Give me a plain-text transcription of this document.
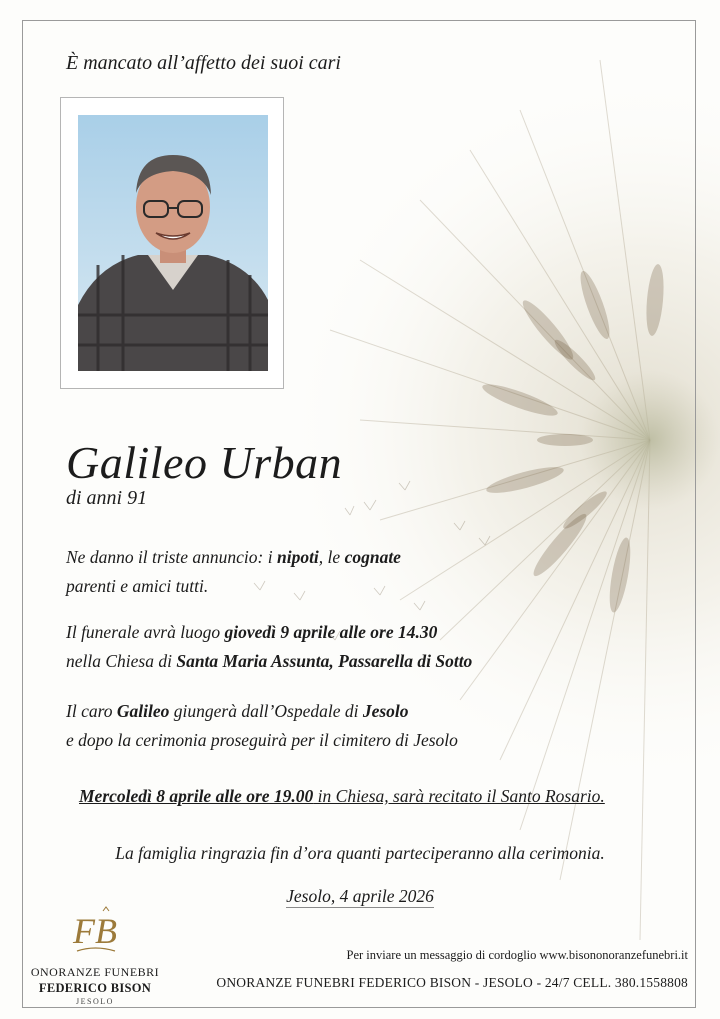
È mancato all’affetto dei suoi cari
Galileo Urban
di anni 91
Ne danno il triste annuncio: i nipoti, le cognate
parenti e amici tutti.
Il funerale avrà luogo giovedì 9 aprile alle ore 14.30
nella Chiesa di Santa Maria Assunta, Passarella di Sotto
Il caro Galileo giungerà dall’Ospedale di Jesolo
e dopo la cerimonia proseguirà per il cimitero di Jesolo
Mercoledì 8 aprile alle ore 19.00 in Chiesa, sarà recitato il Santo Rosario.
La famiglia ringrazia fin d’ora quanti parteciperanno alla cerimonia.
Jesolo, 4 aprile 2026
FB
ONORANZE FUNEBRI
FEDERICO BISON
JESOLO
Per inviare un messaggio di cordoglio www.bisononoranzefunebri.it
ONORANZE FUNEBRI FEDERICO BISON - JESOLO - 24/7 CELL. 380.1558808
